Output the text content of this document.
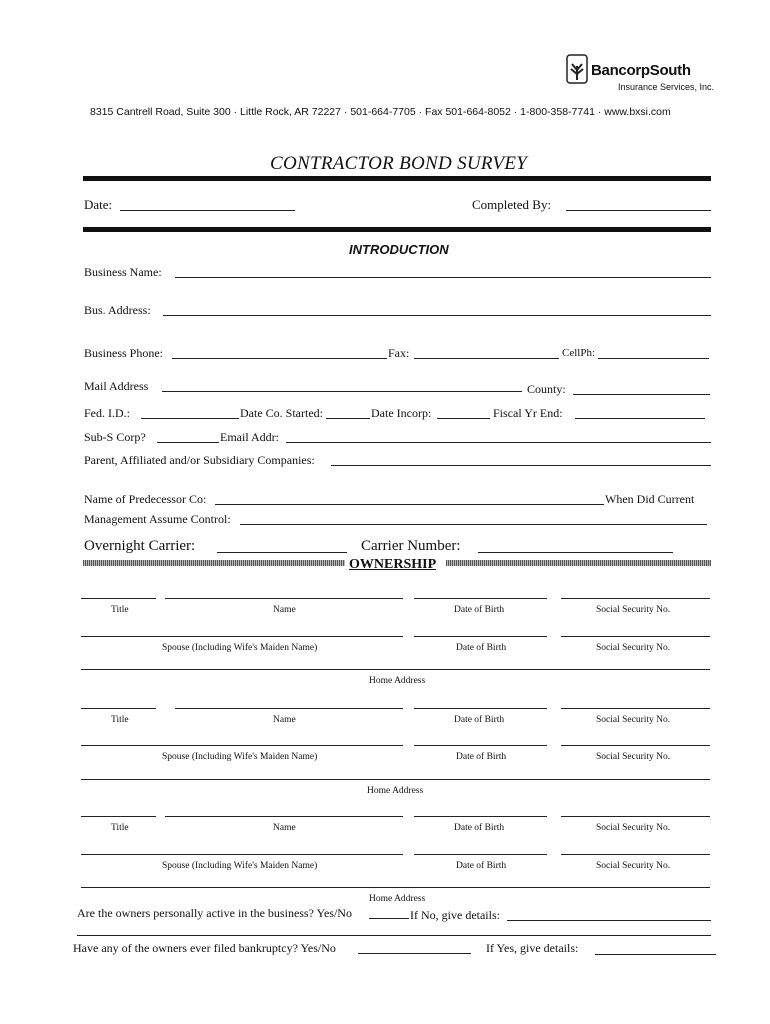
BancorpSouth
Insurance Services, Inc.
8315 Cantrell Road, Suite 300 · Little Rock, AR 72227 · 501-664-7705 · Fax 501-664-8052 · 1-800-358-7741 · www.bxsi.com
CONTRACTOR BOND SURVEY
Date:	Completed By:
INTRODUCTION
Business Name:
Bus. Address:
Business Phone:	Fax:	CellPh:
Mail Address	County:
Fed. I.D.:	Date Co. Started:	Date Incorp:	Fiscal Yr End:
Sub-S Corp?	Email Addr:
Parent, Affiliated and/or Subsidiary Companies:
Name of Predecessor Co:	When Did Current
Management Assume Control:
Overnight Carrier:	Carrier Number:
OWNERSHIP
Title	Name	Date of Birth	Social Security No.
Spouse (Including Wife's Maiden Name)	Date of Birth	Social Security No.
Home Address
Title	Name	Date of Birth	Social Security No.
Spouse (Including Wife's Maiden Name)	Date of Birth	Social Security No.
Home Address
Title	Name	Date of Birth	Social Security No.
Spouse (Including Wife's Maiden Name)	Date of Birth	Social Security No.
Home Address
Are the owners personally active in the business? Yes/No	If No, give details:
Have any of the owners ever filed bankruptcy? Yes/No	If Yes, give details:
